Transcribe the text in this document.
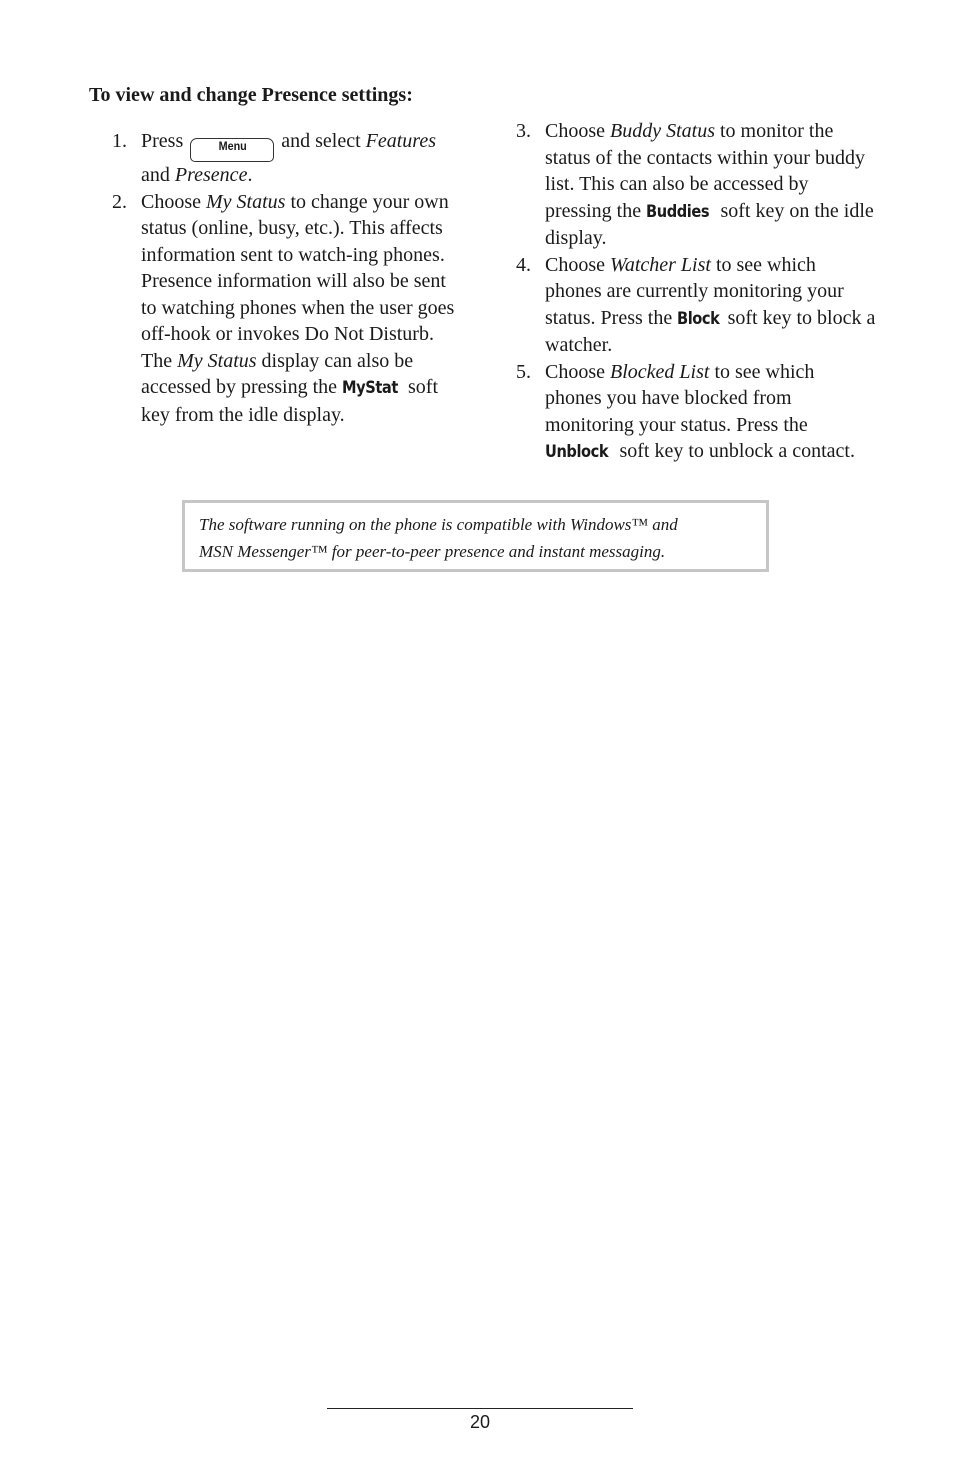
To view and change Presence settings:

1. Press	Menu and select Features and Presence.
2. Choose My Status to change your own status (online, busy, etc.). This affects information sent to watch-ing phones. Presence information will also be sent to watching phones when the user goes off-hook or invokes Do Not Disturb. The My Status display can also be accessed by pressing the MyStat soft key from the idle display.
3. Choose Buddy Status to monitor the status of the contacts within your buddy list. This can also be accessed by pressing the Buddies soft key on the idle display.
4. Choose Watcher List to see which phones are currently monitoring your status. Press the Block soft key to block a watcher.
5. Choose Blocked List to see which phones you have blocked from monitoring your status. Press the Unblock soft key to unblock a contact.
The software running on the phone is compatible with Windows™ and
MSN Messenger™ for peer-to-peer presence and instant messaging.
20
